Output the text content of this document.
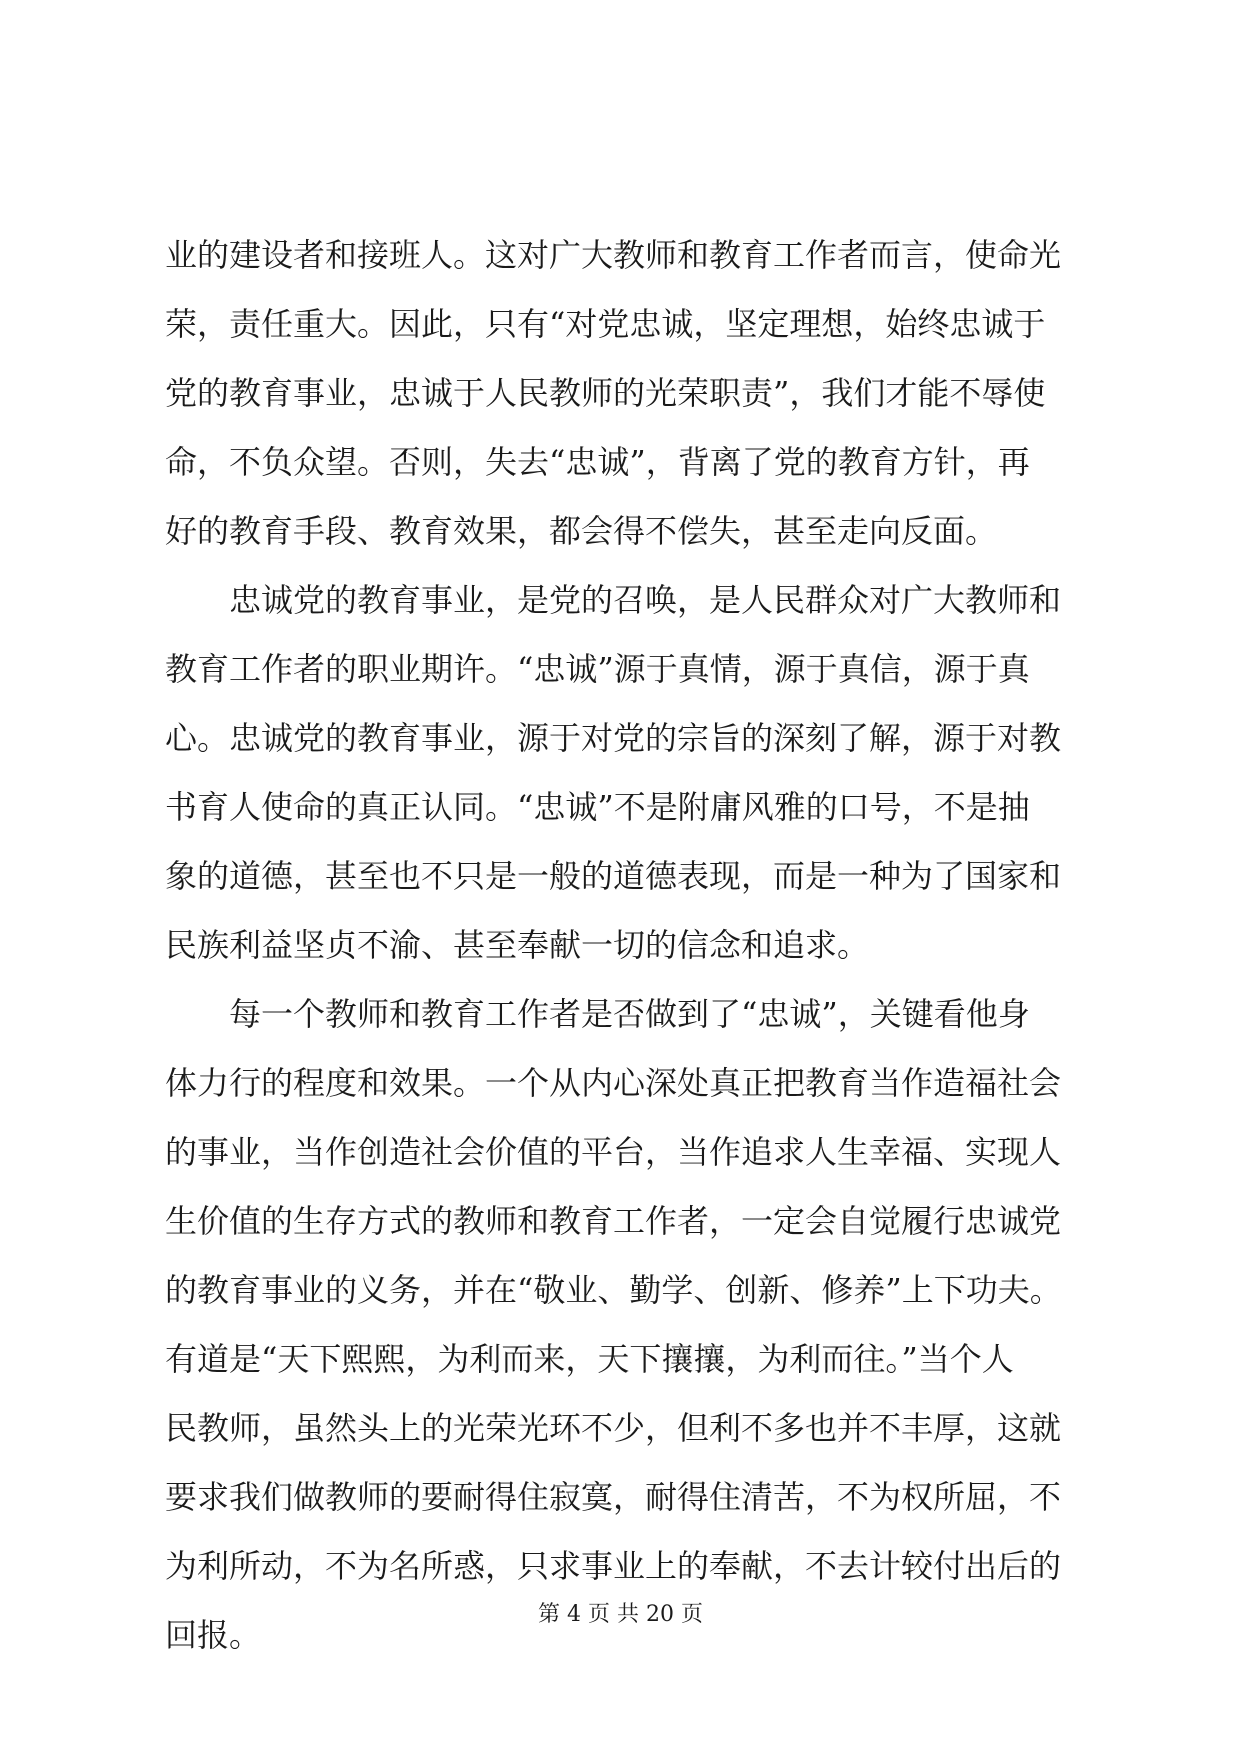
业的建设者和接班人。这对广大教师和教育工作者而言，使命光
荣，责任重大。因此，只有“对党忠诚，坚定理想，始终忠诚于
党的教育事业，忠诚于人民教师的光荣职责”，我们才能不辱使
命，不负众望。否则，失去“忠诚”，背离了党的教育方针，再
好的教育手段、教育效果，都会得不偿失，甚至走向反面。
忠诚党的教育事业，是党的召唤，是人民群众对广大教师和
教育工作者的职业期许。“忠诚”源于真情，源于真信，源于真
心。忠诚党的教育事业，源于对党的宗旨的深刻了解，源于对教
书育人使命的真正认同。“忠诚”不是附庸风雅的口号，不是抽
象的道德，甚至也不只是一般的道德表现，而是一种为了国家和
民族利益坚贞不渝、甚至奉献一切的信念和追求。
每一个教师和教育工作者是否做到了“忠诚”，关键看他身
体力行的程度和效果。一个从内心深处真正把教育当作造福社会
的事业，当作创造社会价值的平台，当作追求人生幸福、实现人
生价值的生存方式的教师和教育工作者，一定会自觉履行忠诚党
的教育事业的义务，并在“敬业、勤学、创新、修养”上下功夫。
有道是“天下熙熙，为利而来，天下攘攘，为利而往。”当个人
民教师，虽然头上的光荣光环不少，但利不多也并不丰厚，这就
要求我们做教师的要耐得住寂寞，耐得住清苦，不为权所屈，不
为利所动，不为名所惑，只求事业上的奉献，不去计较付出后的
回报。
第 4 页 共 20 页
